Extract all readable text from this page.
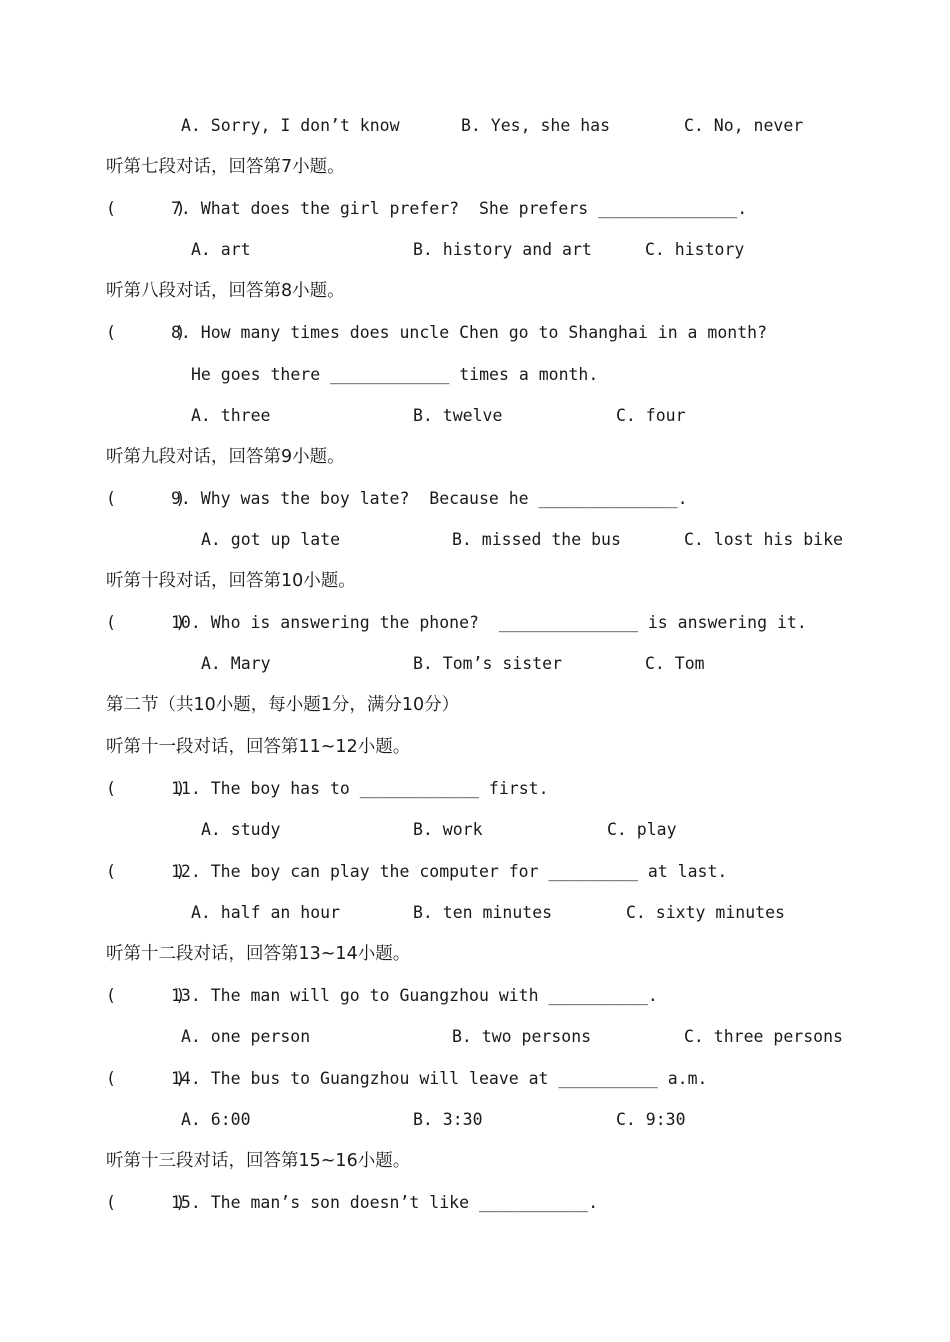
A. Sorry, I don’t know	B. Yes, she has	C. No, never
听第七段对话，回答第7小题。
(      )
7. What does the girl prefer?  She prefers ______________.
A. art	B. history and art	C. history
听第八段对话，回答第8小题。
(      )
8. How many times does uncle Chen go to Shanghai in a month?
He goes there ____________ times a month.
A. three	B. twelve	C. four
听第九段对话，回答第9小题。
(      )
9. Why was the boy late?  Because he ______________.
A. got up late	B. missed the bus	C. lost his bike
听第十段对话，回答第10小题。
(      )
10. Who is answering the phone?  ______________ is answering it.
A. Mary	B. Tom’s sister	C. Tom
第二节（共10小题，每小题1分，满分10分）
听第十一段对话，回答第11~12小题。
(      )
11. The boy has to ____________ first.
A. study	B. work	C. play
(      )
12. The boy can play the computer for _________ at last.
A. half an hour	B. ten minutes	C. sixty minutes
听第十二段对话，回答第13~14小题。
(      )
13. The man will go to Guangzhou with __________.
A. one person	B. two persons	C. three persons
(      )
14. The bus to Guangzhou will leave at __________ a.m.
A. 6:00	B. 3:30	C. 9:30
听第十三段对话，回答第15~16小题。
(      )
15. The man’s son doesn’t like ___________.
